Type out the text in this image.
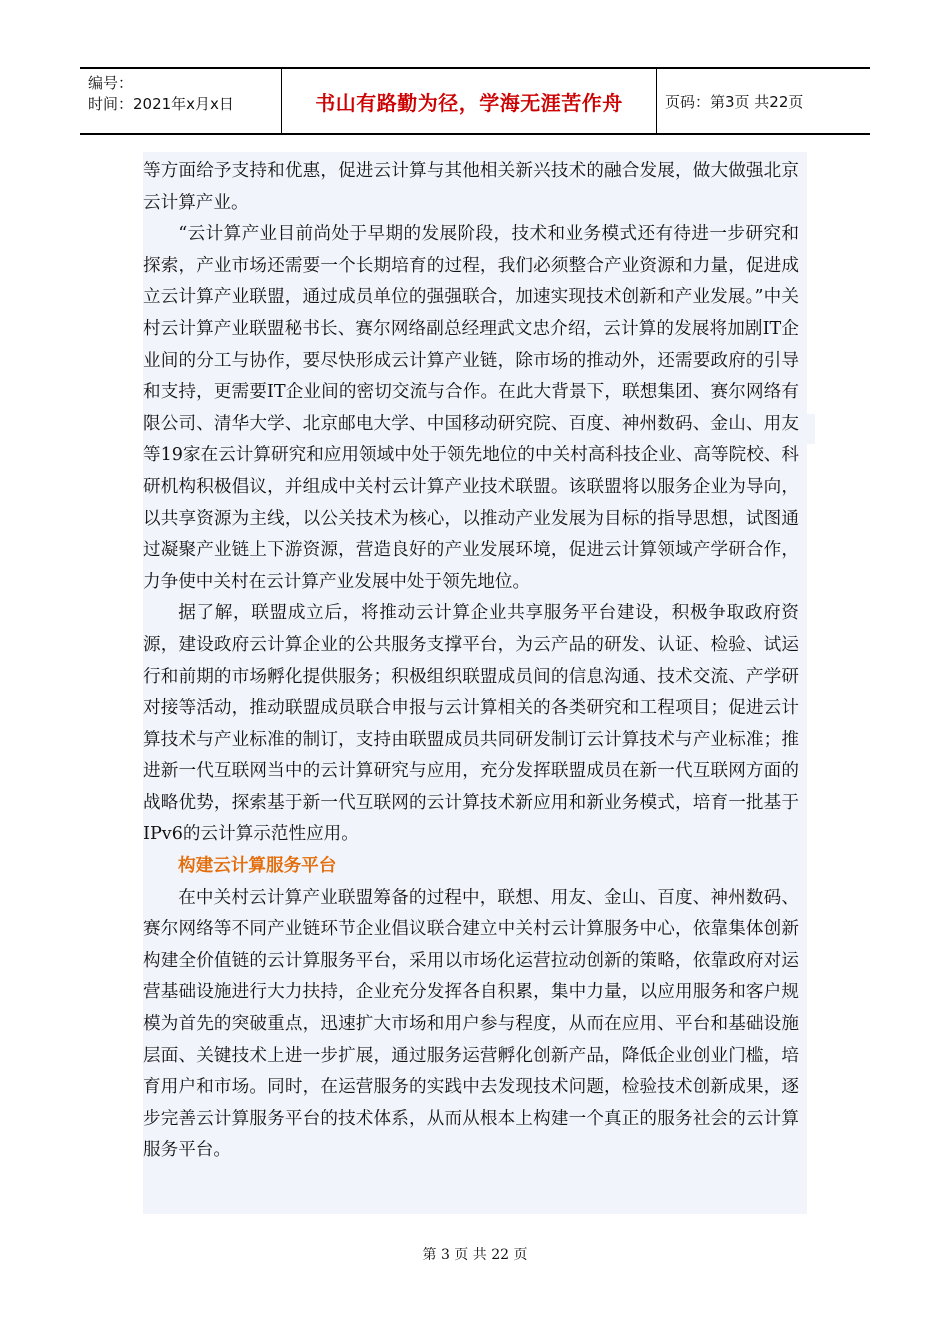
编号：
时间：2021年x月x日	书山有路勤为径，学海无涯苦作舟	页码：第3页 共22页

等方面给予支持和优惠，促进云计算与其他相关新兴技术的融合发展，做大做强北京云计算产业。

“云计算产业目前尚处于早期的发展阶段，技术和业务模式还有待进一步研究和探索，产业市场还需要一个长期培育的过程，我们必须整合产业资源和力量，促进成立云计算产业联盟，通过成员单位的强强联合，加速实现技术创新和产业发展。”中关村云计算产业联盟秘书长、赛尔网络副总经理武文忠介绍，云计算的发展将加剧IT企业间的分工与协作，要尽快形成云计算产业链，除市场的推动外，还需要政府的引导和支持，更需要IT企业间的密切交流与合作。在此大背景下，联想集团、赛尔网络有限公司、清华大学、北京邮电大学、中国移动研究院、百度、神州数码、金山、用友等19家在云计算研究和应用领域中处于领先地位的中关村高科技企业、高等院校、科研机构积极倡议，并组成中关村云计算产业技术联盟。该联盟将以服务企业为导向，以共享资源为主线，以公关技术为核心，以推动产业发展为目标的指导思想，试图通过凝聚产业链上下游资源，营造良好的产业发展环境，促进云计算领域产学研合作，力争使中关村在云计算产业发展中处于领先地位。

据了解，联盟成立后，将推动云计算企业共享服务平台建设，积极争取政府资源，建设政府云计算企业的公共服务支撑平台，为云产品的研发、认证、检验、试运行和前期的市场孵化提供服务；积极组织联盟成员间的信息沟通、技术交流、产学研对接等活动，推动联盟成员联合申报与云计算相关的各类研究和工程项目；促进云计算技术与产业标准的制订，支持由联盟成员共同研发制订云计算技术与产业标准；推进新一代互联网当中的云计算研究与应用，充分发挥联盟成员在新一代互联网方面的战略优势，探索基于新一代互联网的云计算技术新应用和新业务模式，培育一批基于IPv6的云计算示范性应用。

构建云计算服务平台

在中关村云计算产业联盟筹备的过程中，联想、用友、金山、百度、神州数码、赛尔网络等不同产业链环节企业倡议联合建立中关村云计算服务中心，依靠集体创新构建全价值链的云计算服务平台，采用以市场化运营拉动创新的策略，依靠政府对运营基础设施进行大力扶持，企业充分发挥各自积累，集中力量，以应用服务和客户规模为首先的突破重点，迅速扩大市场和用户参与程度，从而在应用、平台和基础设施层面、关键技术上进一步扩展，通过服务运营孵化创新产品，降低企业创业门槛，培育用户和市场。同时，在运营服务的实践中去发现技术问题，检验技术创新成果，逐步完善云计算服务平台的技术体系，从而从根本上构建一个真正的服务社会的云计算服务平台。

第 3 页 共 22 页
